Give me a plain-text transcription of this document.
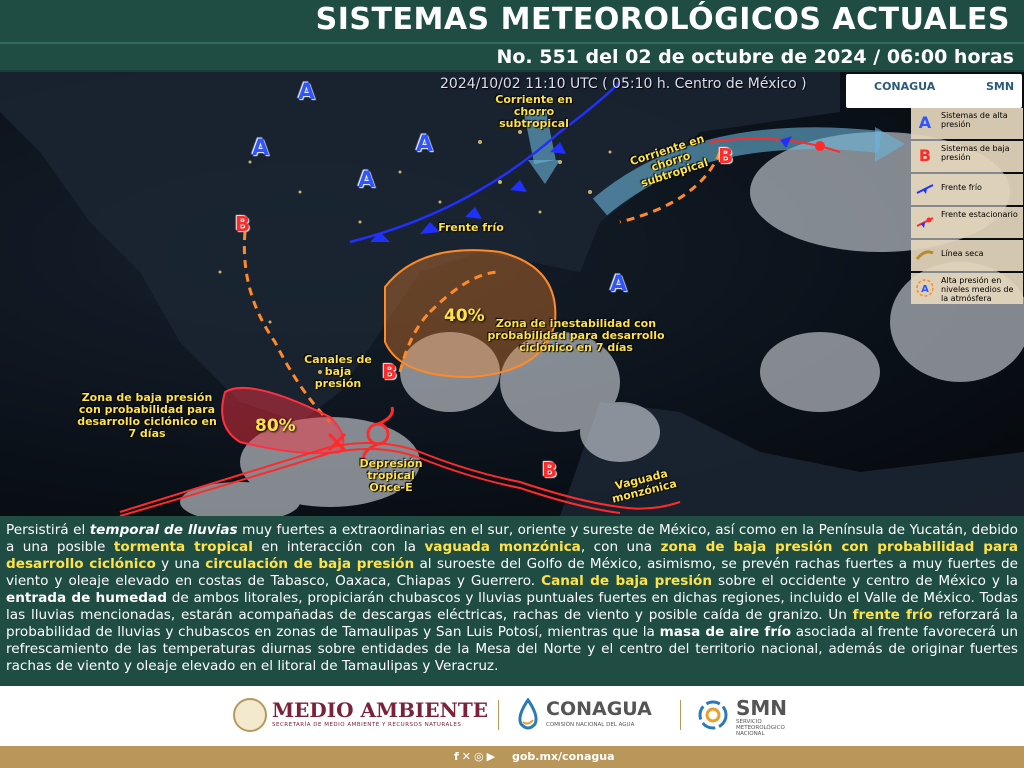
SISTEMAS METEOROLÓGICOS ACTUALES
No. 551 del 02 de octubre de 2024 / 06:00 horas
2024/10/02 11:10 UTC ( 05:10 h. Centro de México )	CONAGUA	SMN
A
A	A
A
A
B
B
B
B
Corriente en chorro subtropical
Corriente en chorro subtropical
Frente frío
Zona de inestabilidad con probabilidad para desarrollo ciclónico en 7 días
40%
Zona de baja presión con probabilidad para desarrollo ciclónico en 7 días	80%
Canales de baja presión
Depresión tropical Once-E	Vaguada monzónica
A	Sistemas de alta presión
B	Sistemas de baja presión
Frente frío
Frente estacionario
Línea seca
A
Alta presión en niveles medios de la atmósfera
Persistirá el temporal de lluvias muy fuertes a extraordinarias en el sur, oriente y sureste de México, así como en la Península de Yucatán, debido a una posible tormenta tropical en interacción con la vaguada monzónica, con una zona de baja presión con probabilidad para desarrollo ciclónico y una circulación de baja presión al suroeste del Golfo de México, asimismo, se prevén rachas fuertes a muy fuertes de viento y oleaje elevado en costas de Tabasco, Oaxaca, Chiapas y Guerrero. Canal de baja presión sobre el occidente y centro de México y la entrada de humedad de ambos litorales, propiciarán chubascos y lluvias puntuales fuertes en dichas regiones, incluido el Valle de México. Todas las lluvias mencionadas, estarán acompañadas de descargas eléctricas, rachas de viento y posible caída de granizo. Un frente frío reforzará la probabilidad de lluvias y chubascos en zonas de Tamaulipas y San Luis Potosí, mientras que la masa de aire frío asociada al frente favorecerá un refrescamiento de las temperaturas diurnas sobre entidades de la Mesa del Norte y el centro del territorio nacional, además de originar fuertes rachas de viento y oleaje elevado en el litoral de Tamaulipas y Veracruz.
MEDIO AMBIENTE
SECRETARÍA DE MEDIO AMBIENTE Y RECURSOS NATURALES
CONAGUA
COMISIÓN NACIONAL DEL AGUA
SMN
SERVICIO METEOROLÓGICO NACIONAL
f✕◎▶ gob.mx/conagua
